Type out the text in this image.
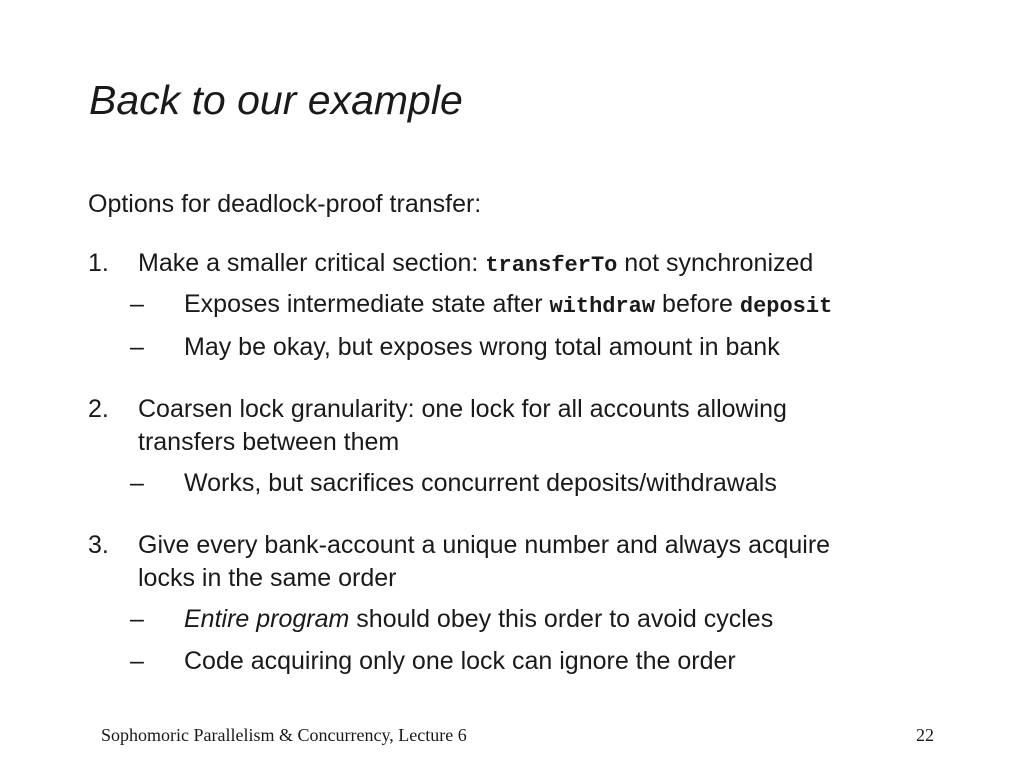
Back to our example
Options for deadlock-proof transfer:
1. Make a smaller critical section: transferTo not synchronized
– Exposes intermediate state after withdraw before deposit
– May be okay, but exposes wrong total amount in bank
2. Coarsen lock granularity: one lock for all accounts allowing
transfers between them
– Works, but sacrifices concurrent deposits/withdrawals
3. Give every bank-account a unique number and always acquire
locks in the same order
– Entire program should obey this order to avoid cycles
– Code acquiring only one lock can ignore the order
Sophomoric Parallelism & Concurrency, Lecture 6	22
